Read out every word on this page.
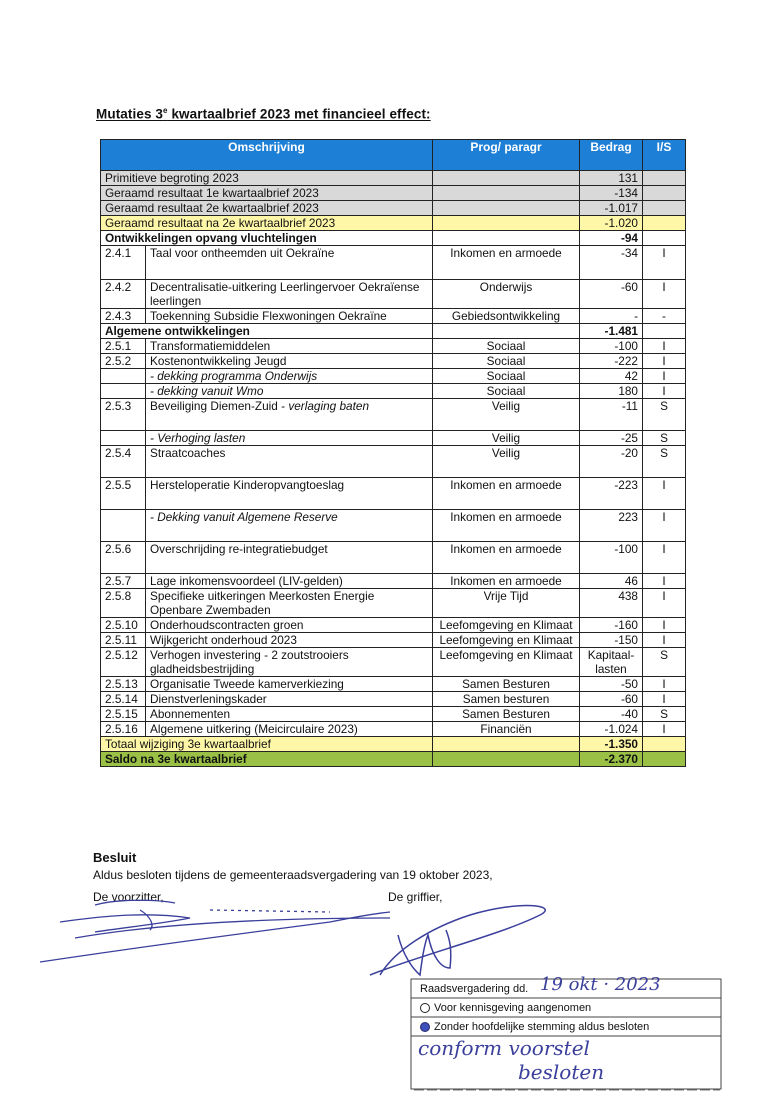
Mutaties 3e kwartaalbrief 2023 met financieel effect:
Omschrijving		Prog/ paragr	Bedrag	I/S
Primitieve begroting 2023			131	
Geraamd resultaat 1e kwartaalbrief 2023			-134	
Geraamd resultaat 2e kwartaalbrief 2023			-1.017	
Geraamd resultaat na 2e kwartaalbrief 2023			-1.020	
Ontwikkelingen opvang vluchtelingen			-94	
2.4.1	Taal voor ontheemden uit Oekraïne	Inkomen en armoede	-34	I
2.4.2	Decentralisatie-uitkering Leerlingervoer Oekraïense leerlingen	Onderwijs	-60	I
2.4.3	Toekenning Subsidie Flexwoningen Oekraïne	Gebiedsontwikkeling	-	-
Algemene ontwikkelingen			-1.481	
2.5.1	Transformatiemiddelen	Sociaal	-100	I
2.5.2	Kostenontwikkeling Jeugd	Sociaal	-222	I
	- dekking programma Onderwijs	Sociaal	42	I
	- dekking vanuit Wmo	Sociaal	180	I
2.5.3	Beveiliging Diemen-Zuid - verlaging baten	Veilig	-11	S
	- Verhoging lasten	Veilig	-25	S
2.5.4	Straatcoaches	Veilig	-20	S
2.5.5	Hersteloperatie Kinderopvangtoeslag	Inkomen en armoede	-223	I
	- Dekking vanuit Algemene Reserve	Inkomen en armoede	223	I
2.5.6	Overschrijding re-integratiebudget	Inkomen en armoede	-100	I
2.5.7	Lage inkomensvoordeel (LIV-gelden)	Inkomen en armoede	46	I
2.5.8	Specifieke uitkeringen Meerkosten Energie Openbare Zwembaden	Vrije Tijd	438	I
2.5.10	Onderhoudscontracten groen	Leefomgeving en Klimaat	-160	I
2.5.11	Wijkgericht onderhoud 2023	Leefomgeving en Klimaat	-150	I
2.5.12	Verhogen investering - 2 zoutstrooiers gladheidsbestrijding	Leefomgeving en Klimaat	Kapitaal- lasten	S
2.5.13	Organisatie Tweede kamerverkiezing	Samen Besturen	-50	I
2.5.14	Dienstverleningskader	Samen besturen	-60	I
2.5.15	Abonnementen	Samen Besturen	-40	S
2.5.16	Algemene uitkering (Meicirculaire 2023)	Financiën	-1.024	I
Totaal wijziging 3e kwartaalbrief			-1.350	
Saldo na 3e kwartaalbrief			-2.370	
Besluit
Aldus besloten tijdens de gemeenteraadsvergadering van 19 oktober 2023,
De voorzitter,	De griffier,
Raadsvergadering dd. 19 okt · 2023
Voor kennisgeving aangenomen
Zonder hoofdelijke stemming aldus besloten
conform voorstel
besloten
